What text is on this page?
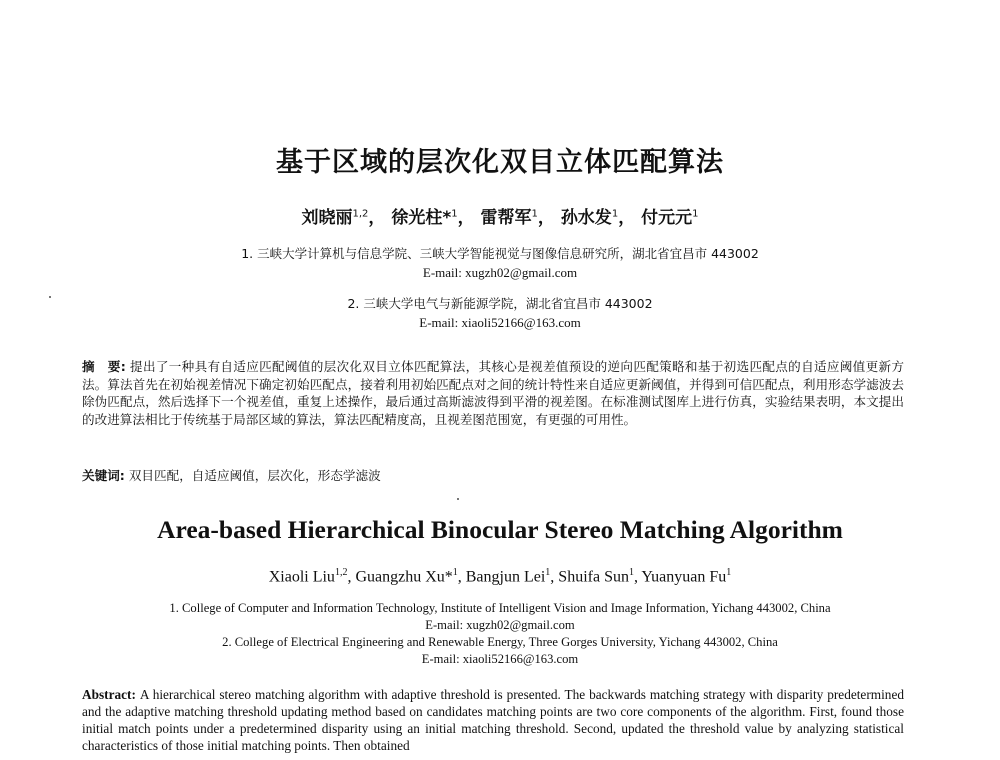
基于区域的层次化双目立体匹配算法
刘晓丽$^{1,2}$， 徐光柱*$^1$， 雷帮军$^1$， 孙水发$^1$， 付元元$^1$
1. 三峡大学计算机与信息学院、三峡大学智能视觉与图像信息研究所，湖北省宜昌市 443002
E-mail: xugzh02@gmail.com
2. 三峡大学电气与新能源学院，湖北省宜昌市 443002
E-mail: xiaoli52166@163.com
摘　要: 提出了一种具有自适应匹配阈值的层次化双目立体匹配算法，其核心是视差值预设的逆向匹配策略和基于初选匹配点的自适应阈值更新方法。算法首先在初始视差情况下确定初始匹配点，接着利用初始匹配点对之间的统计特性来自适应更新阈值，并得到可信匹配点，利用形态学滤波去除伪匹配点，然后选择下一个视差值，重复上述操作，最后通过高斯滤波得到平滑的视差图。在标准测试图库上进行仿真，实验结果表明，本文提出的改进算法相比于传统基于局部区域的算法，算法匹配精度高，且视差图范围宽，有更强的可用性。
关键词: 双目匹配，自适应阈值，层次化，形态学滤波
Area-based Hierarchical Binocular Stereo Matching Algorithm
Xiaoli Liu$^{1,2}$, Guangzhu Xu*$^1$, Bangjun Lei$^1$, Shuifa Sun$^1$, Yuanyuan Fu$^1$
1. College of Computer and Information Technology, Institute of Intelligent Vision and Image Information, Yichang 443002, China
E-mail: xugzh02@gmail.com
2. College of Electrical Engineering and Renewable Energy, Three Gorges University, Yichang 443002, China
E-mail: xiaoli52166@163.com
Abstract: A hierarchical stereo matching algorithm with adaptive threshold is presented. The backwards matching strategy with disparity predetermined and the adaptive matching threshold updating method based on candidates matching points are two core components of the algorithm. First, found those initial match points under a predetermined disparity using an initial matching threshold. Second, updated the threshold value by analyzing statistical characteristics of those initial matching points. Then obtained
